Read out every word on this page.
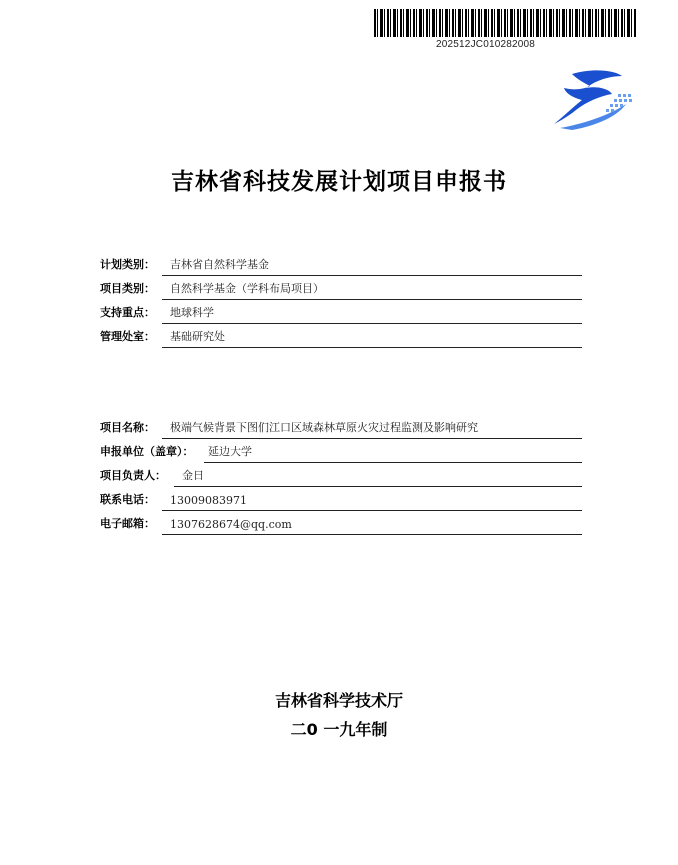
202512JC010282008
吉林省科技发展计划项目申报书
计划类别： 吉林省自然科学基金
项目类别： 自然科学基金（学科布局项目）
支持重点： 地球科学
管理处室： 基础研究处
项目名称： 极端气候背景下图们江口区域森林草原火灾过程监测及影响研究
申报单位（盖章）： 延边大学
项目负责人： 金日
联系电话： 13009083971
电子邮箱： 1307628674@qq.com
吉林省科学技术厅
二0 一九年制
